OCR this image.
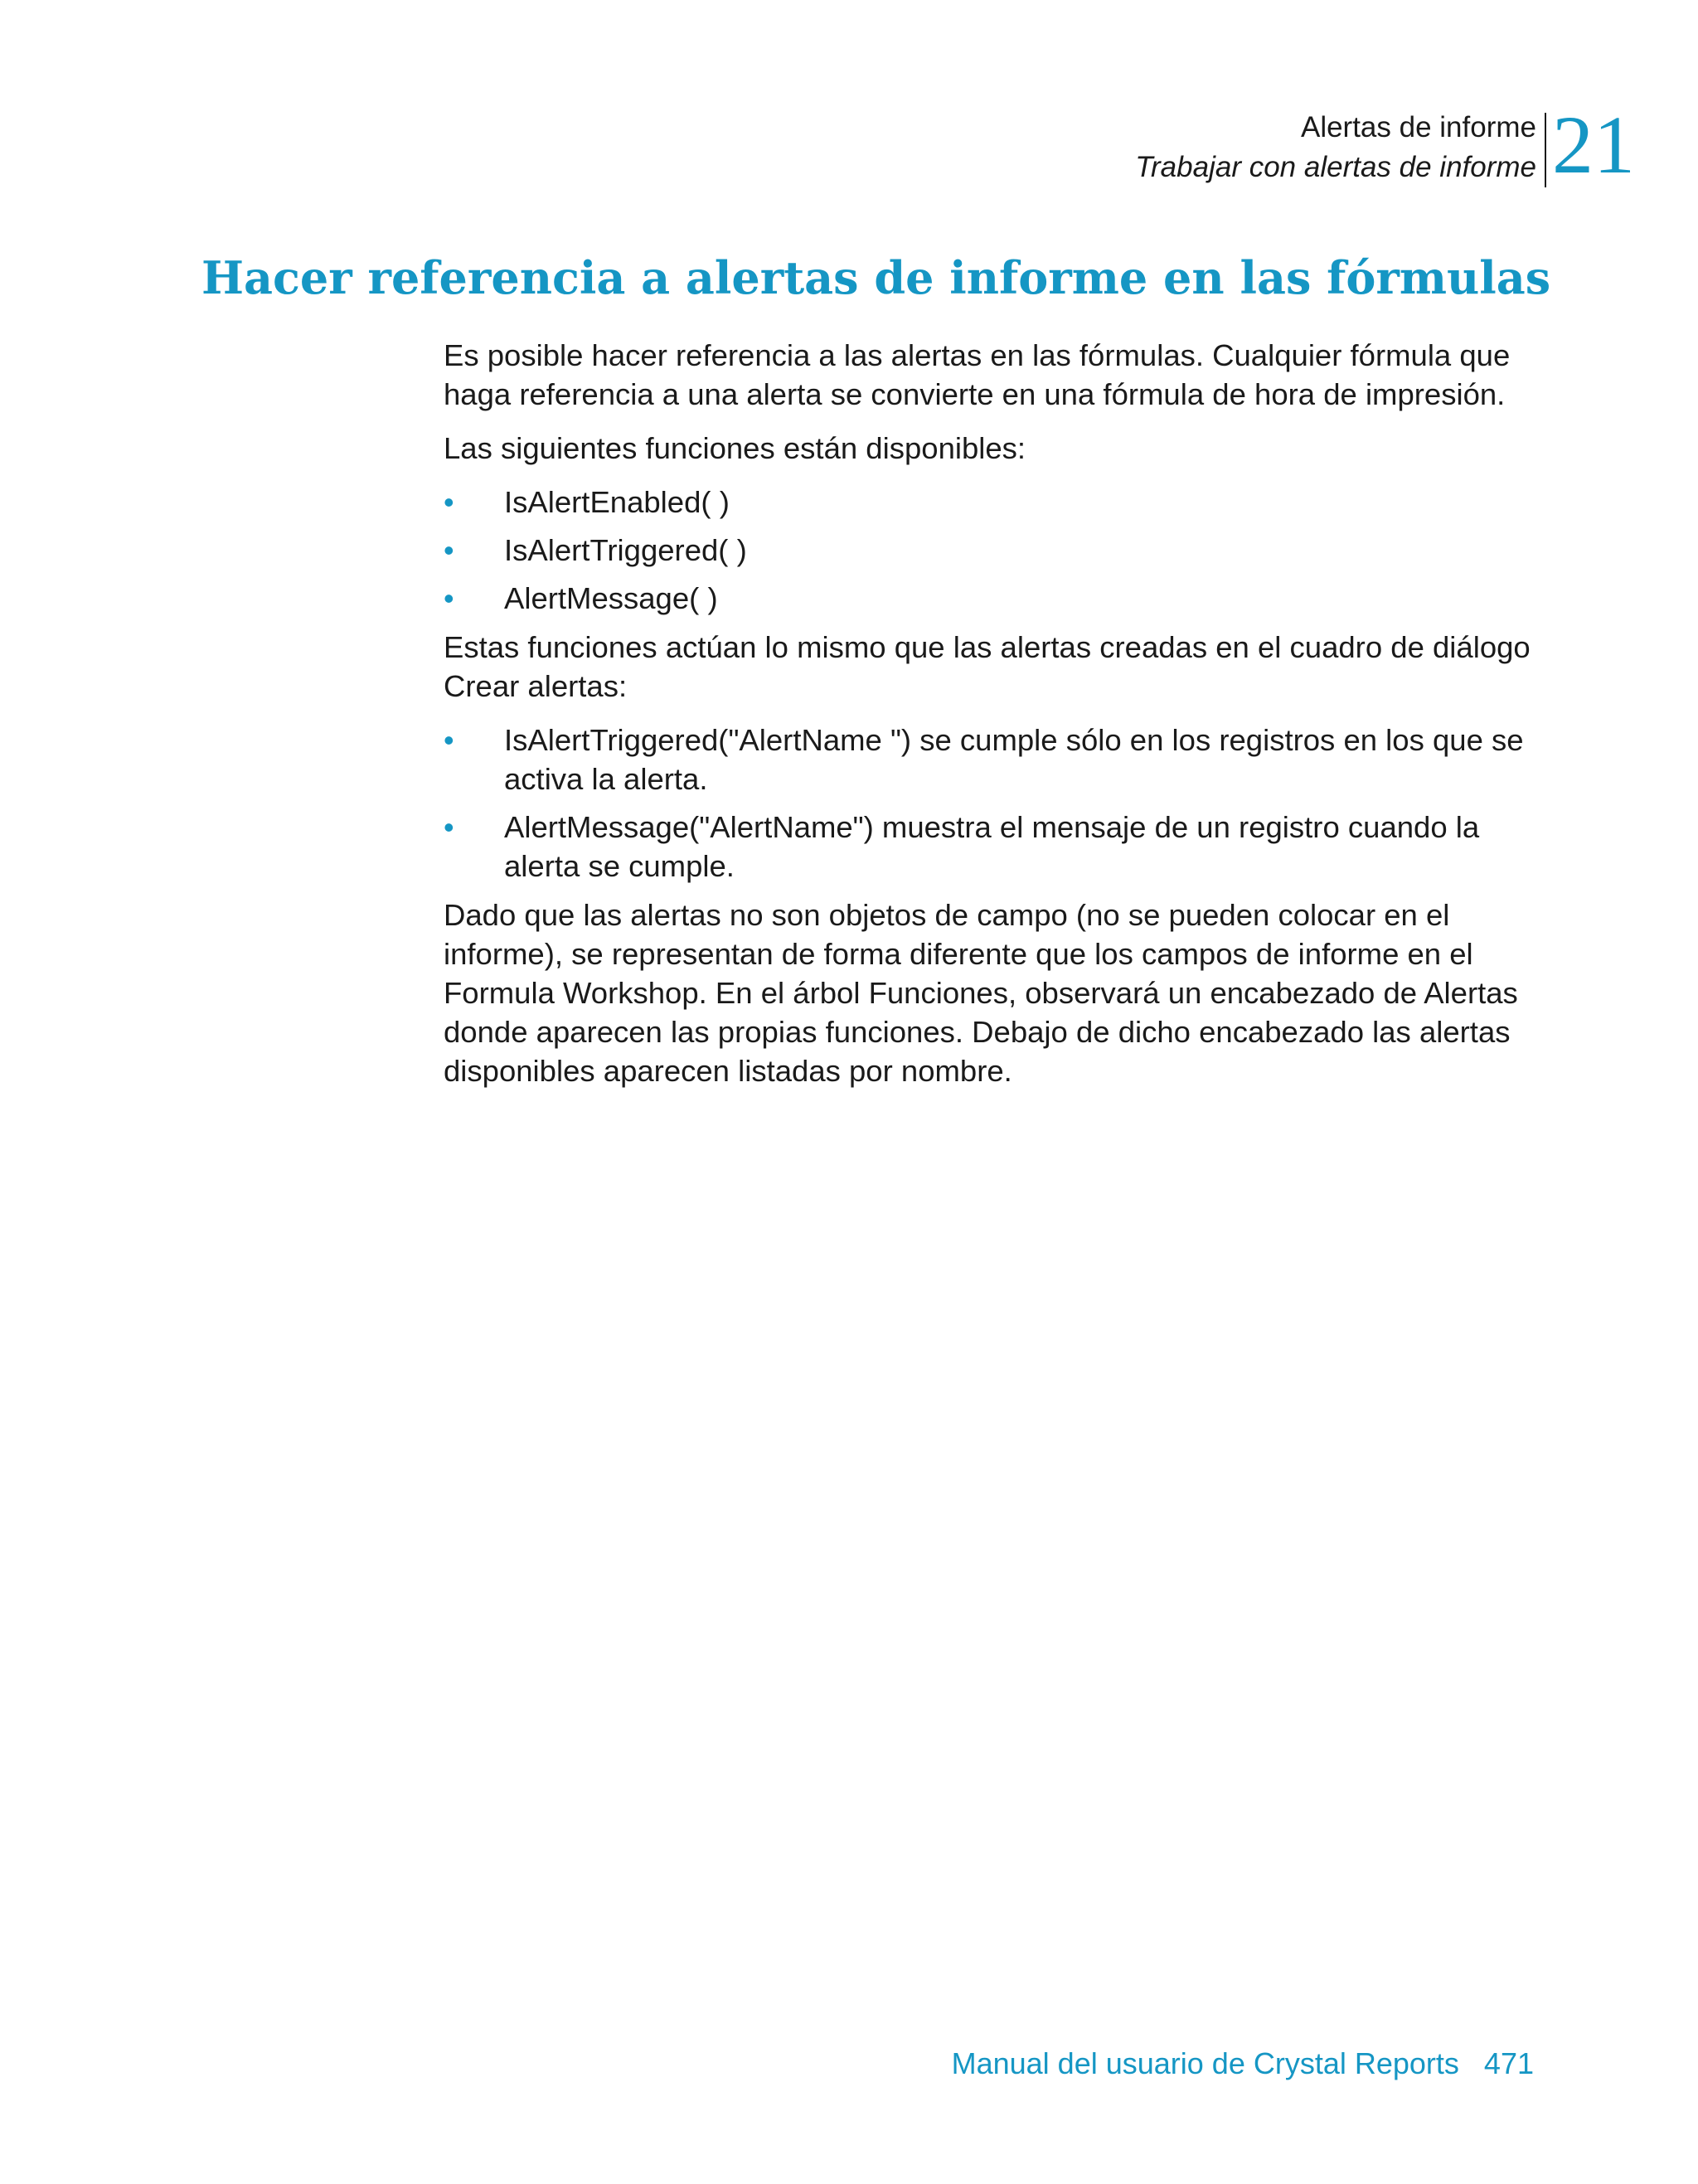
Alertas de informe
Trabajar con alertas de informe 21
Hacer referencia a alertas de informe en las fórmulas

Es posible hacer referencia a las alertas en las fórmulas. Cualquier fórmula que haga referencia a una alerta se convierte en una fórmula de hora de impresión.

Las siguientes funciones están disponibles:

• IsAlertEnabled( )
• IsAlertTriggered( )
• AlertMessage( )

Estas funciones actúan lo mismo que las alertas creadas en el cuadro de diálogo Crear alertas:

• IsAlertTriggered("AlertName ") se cumple sólo en los registros en los que se activa la alerta.
• AlertMessage("AlertName") muestra el mensaje de un registro cuando la alerta se cumple.

Dado que las alertas no son objetos de campo (no se pueden colocar en el informe), se representan de forma diferente que los campos de informe en el Formula Workshop. En el árbol Funciones, observará un encabezado de Alertas donde aparecen las propias funciones. Debajo de dicho encabezado las alertas disponibles aparecen listadas por nombre.

Manual del usuario de Crystal Reports 471
